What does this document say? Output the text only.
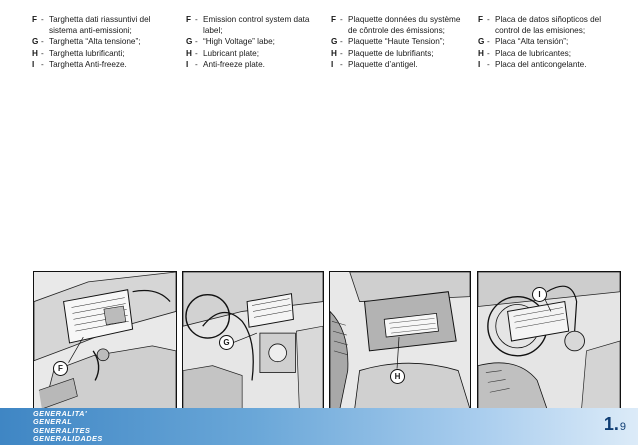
F - Targhetta dati riassuntivi del sistema anti-emissioni;
G - Targhetta “Alta tensione”;
H - Targhetta lubrificanti;
I - Targhetta Anti-freeze.
F - Emission control system data label;
G - “High Voltage” labe;
H - Lubricant plate;
I - Anti-freeze plate.
F - Plaquette données du système de côntrole des émissions;
G - Plaquette “Haute Tension”;
H - Plaquette de lubrifiants;
I - Plaquette d’antigel.
F - Placa de datos siñopticos del control de las emisiones;
G - Placa “Alta tensión”;
H - Placa de lubricantes;
I - Placa del anticongelante.
F
G
H
I
GENERALITA'
GENERAL
GENERALITES
GENERALIDADES
1.9
